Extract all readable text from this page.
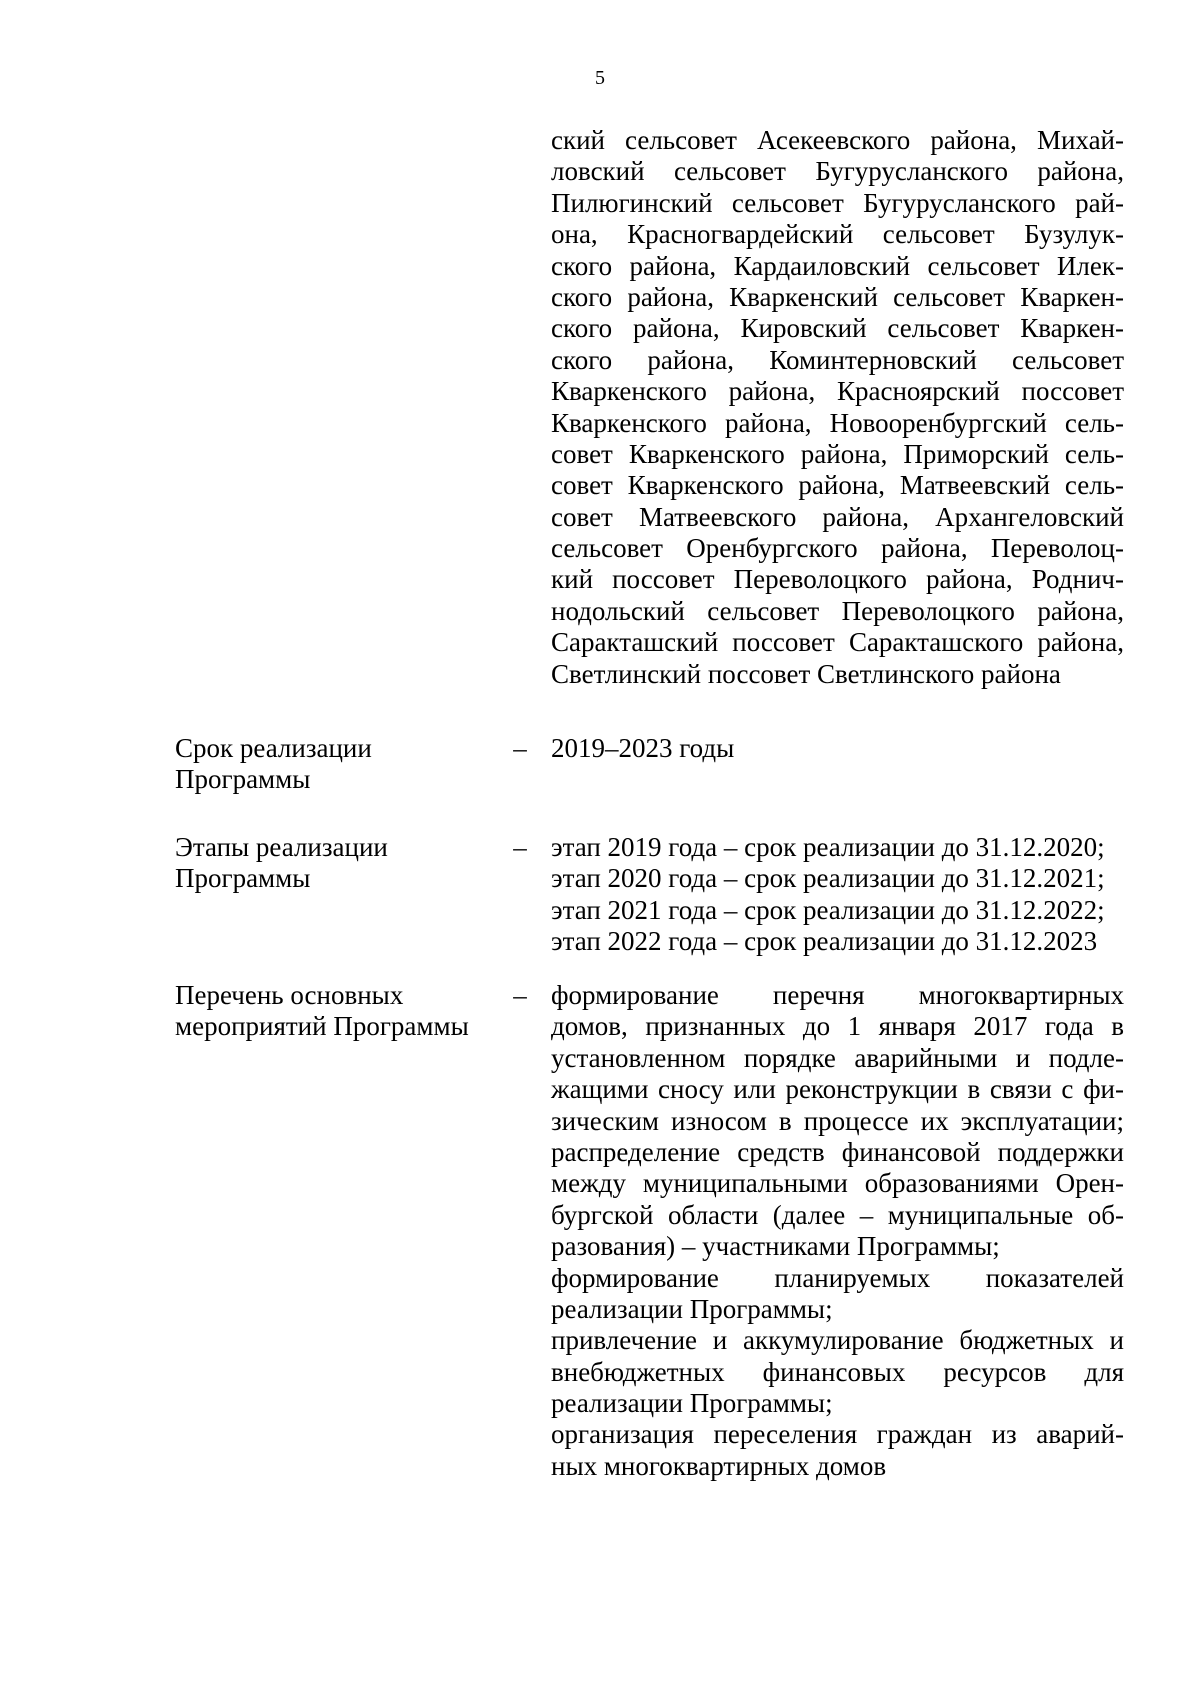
5
ский сельсовет Асекеевского района, Михай-
ловский сельсовет Бугурусланского района,
Пилюгинский сельсовет Бугурусланского рай-
она, Красногвардейский сельсовет Бузулук-
ского района, Кардаиловский сельсовет Илек-
ского района, Кваркенский сельсовет Кваркен-
ского района, Кировский сельсовет Кваркен-
ского района, Коминтерновский сельсовет
Кваркенского района, Красноярский поссовет
Кваркенского района, Новооренбургский сель-
совет Кваркенского района, Приморский сель-
совет Кваркенского района, Матвеевский сель-
совет Матвеевского района, Архангеловский
сельсовет Оренбургского района, Переволоц-
кий поссовет Переволоцкого района, Роднич-
нодольский сельсовет Переволоцкого района,
Саракташский поссовет Саракташского района,
Светлинский поссовет Светлинского района
Срок реализации
Программы
– 2019–2023 годы
Этапы реализации
Программы
– этап 2019 года – срок реализации до 31.12.2020;
этап 2020 года – срок реализации до 31.12.2021;
этап 2021 года – срок реализации до 31.12.2022;
этап 2022 года – срок реализации до 31.12.2023
Перечень основных
мероприятий Программы
– формирование перечня многоквартирных
домов, признанных до 1 января 2017 года в
установленном порядке аварийными и подле-
жащими сносу или реконструкции в связи с фи-
зическим износом в процессе их эксплуатации;
распределение средств финансовой поддержки
между муниципальными образованиями Орен-
бургской области (далее – муниципальные об-
разования) – участниками Программы;
формирование планируемых показателей
реализации Программы;
привлечение и аккумулирование бюджетных и
внебюджетных финансовых ресурсов для
реализации Программы;
организация переселения граждан из аварий-
ных многоквартирных домов
